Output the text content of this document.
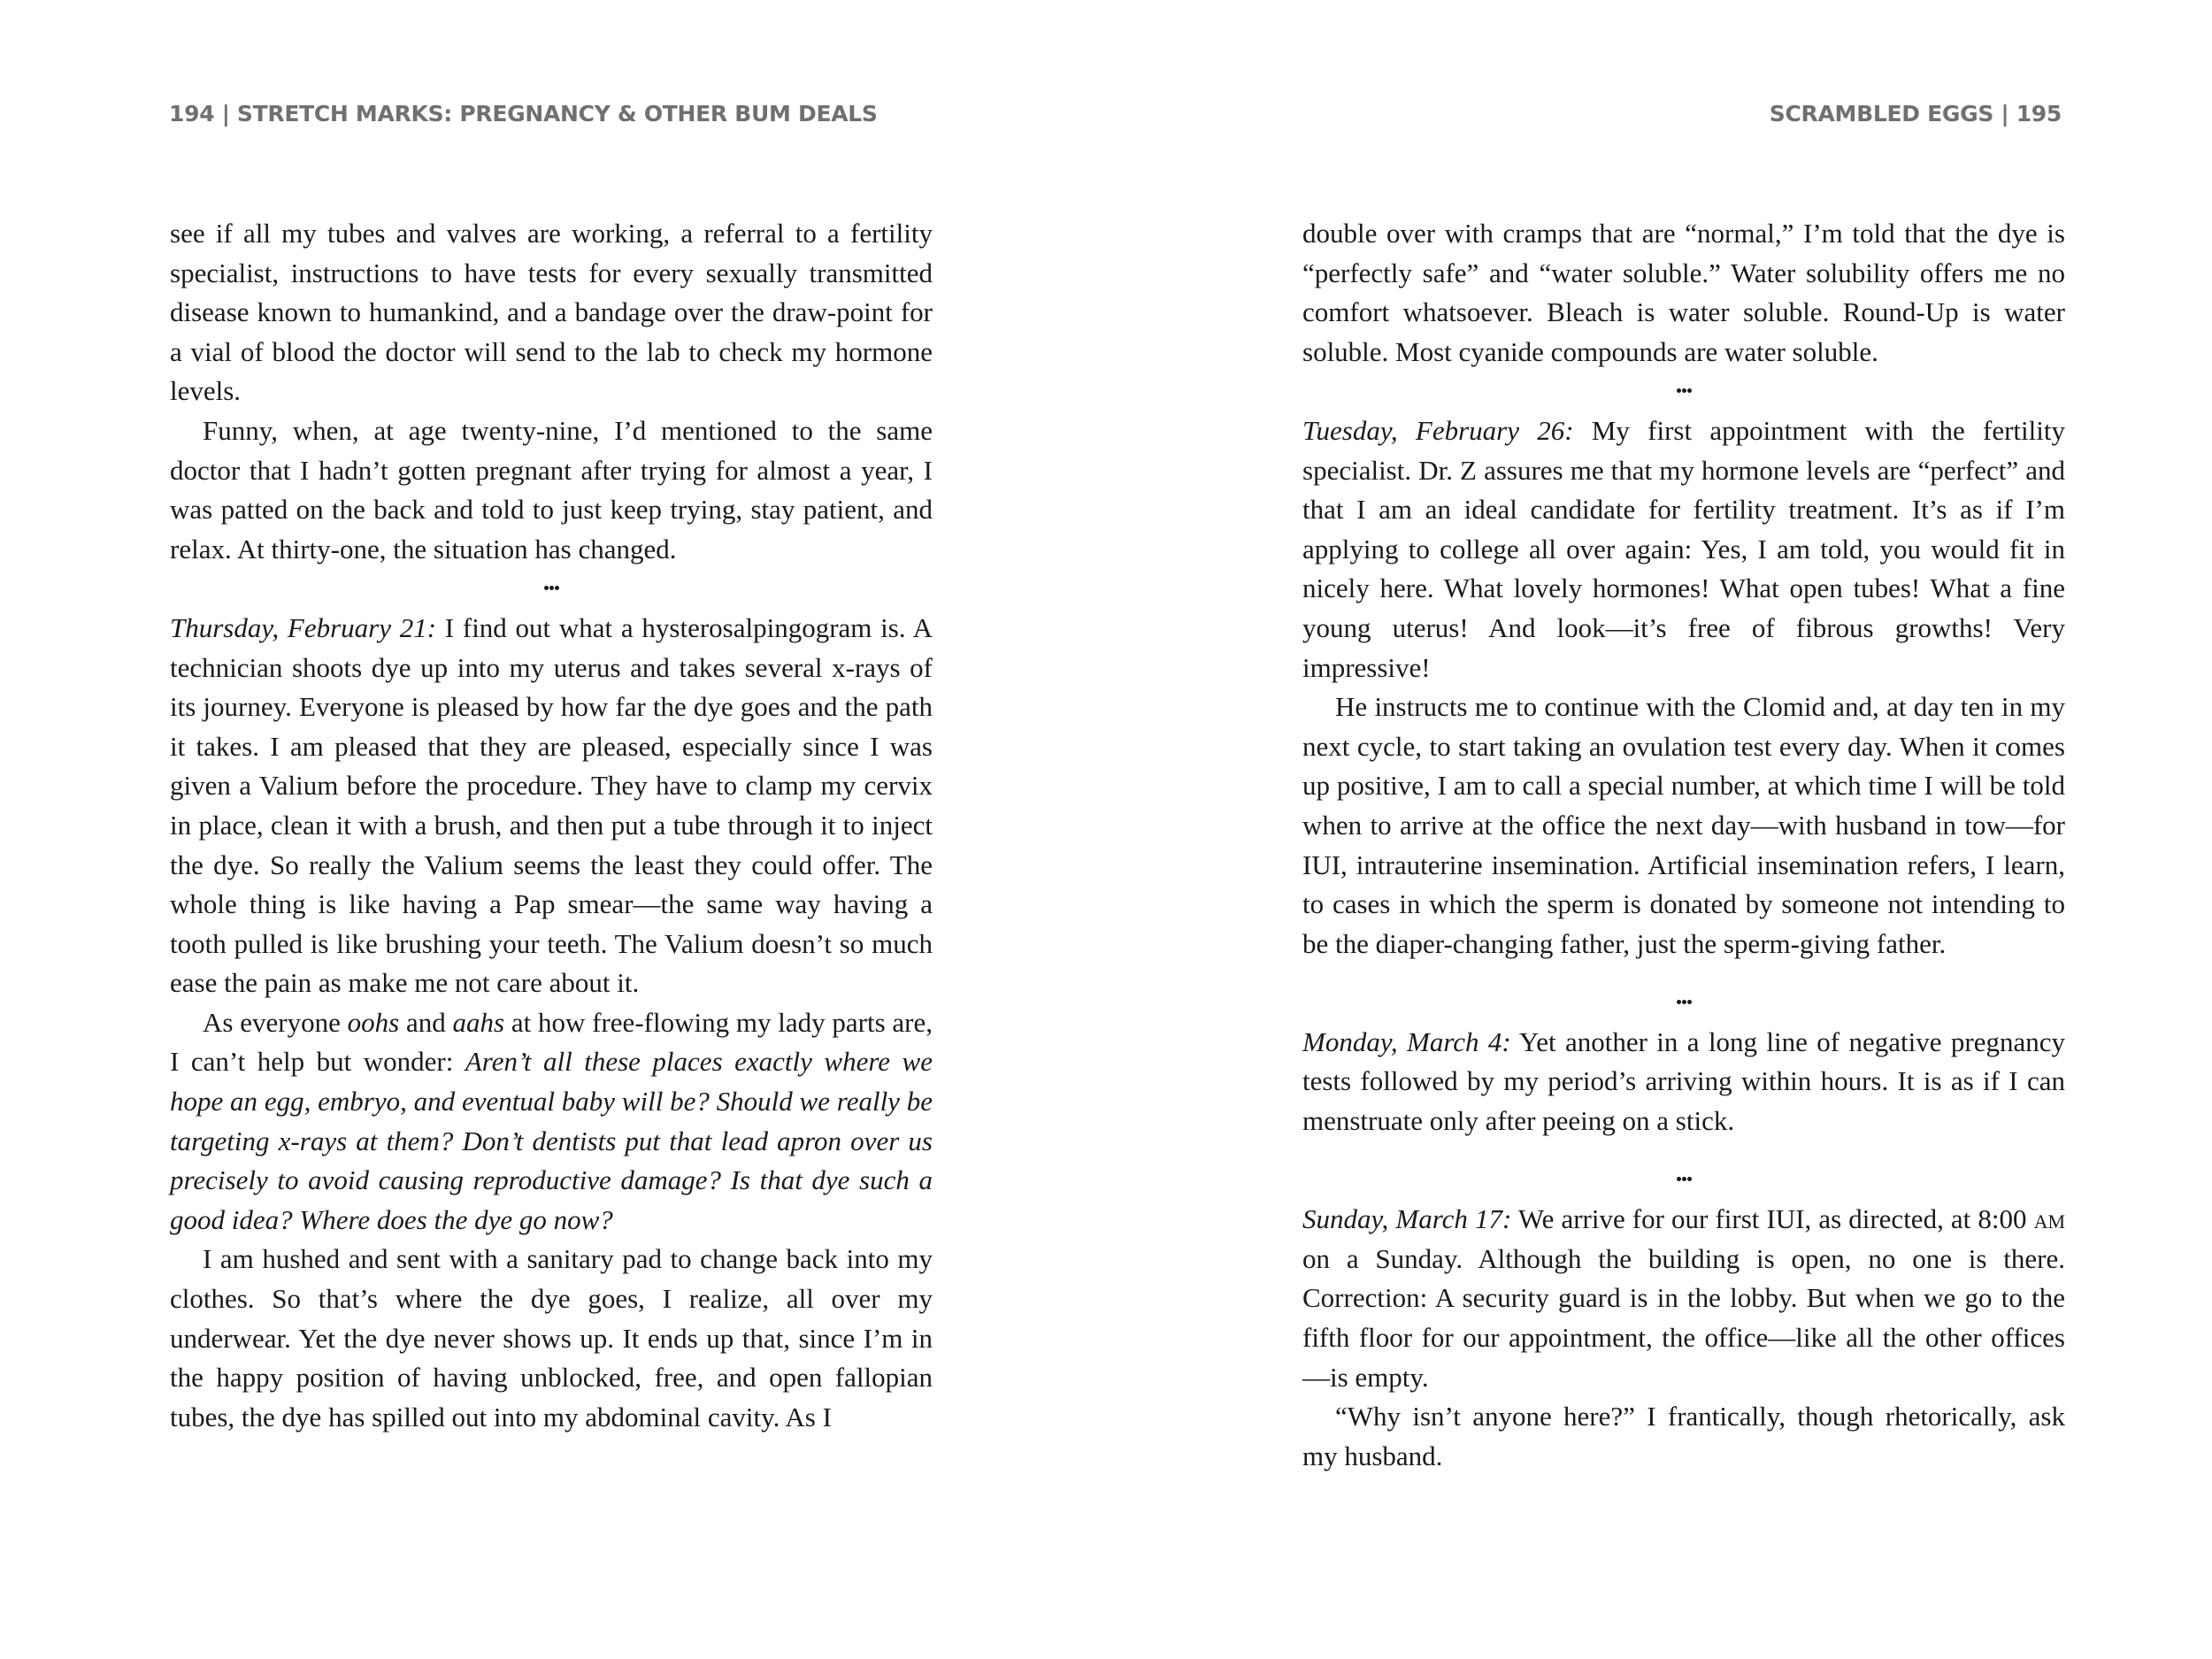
194 | STRETCH MARKS: PREGNANCY & OTHER BUM DEALS	SCRAMBLED EGGS | 195

see if all my tubes and valves are working, a referral to a fertility specialist, instructions to have tests for every sexually transmitted disease known to humankind, and a bandage over the draw-point for a vial of blood the doctor will send to the lab to check my hormone levels.

Funny, when, at age twenty-nine, I’d mentioned to the same doctor that I hadn’t gotten pregnant after trying for almost a year, I was patted on the back and told to just keep trying, stay patient, and relax. At thirty-one, the situation has changed.

Thursday, February 21: I find out what a hysterosalpingogram is. A technician shoots dye up into my uterus and takes several x-rays of its journey. Everyone is pleased by how far the dye goes and the path it takes. I am pleased that they are pleased, especially since I was given a Valium before the procedure. They have to clamp my cervix in place, clean it with a brush, and then put a tube through it to inject the dye. So really the Valium seems the least they could offer. The whole thing is like having a Pap smear—the same way having a tooth pulled is like brushing your teeth. The Valium doesn’t so much ease the pain as make me not care about it.

As everyone oohs and aahs at how free-flowing my lady parts are, I can’t help but wonder: Aren’t all these places exactly where we hope an egg, embryo, and eventual baby will be? Should we really be targeting x-rays at them? Don’t dentists put that lead apron over us precisely to avoid causing reproductive damage? Is that dye such a good idea? Where does the dye go now?

I am hushed and sent with a sanitary pad to change back into my clothes. So that’s where the dye goes, I realize, all over my underwear. Yet the dye never shows up. It ends up that, since I’m in the happy position of having unblocked, free, and open fallopian tubes, the dye has spilled out into my abdominal cavity. As I

double over with cramps that are “normal,” I’m told that the dye is “perfectly safe” and “water soluble.” Water solubility offers me no comfort whatsoever. Bleach is water soluble. Round-Up is water soluble. Most cyanide compounds are water soluble.

Tuesday, February 26: My first appointment with the fertility specialist. Dr. Z assures me that my hormone levels are “perfect” and that I am an ideal candidate for fertility treatment. It’s as if I’m applying to college all over again: Yes, I am told, you would fit in nicely here. What lovely hormones! What open tubes! What a fine young uterus! And look—it’s free of fibrous growths! Very impressive!

He instructs me to continue with the Clomid and, at day ten in my next cycle, to start taking an ovulation test every day. When it comes up positive, I am to call a special number, at which time I will be told when to arrive at the office the next day—with husband in tow—for IUI, intrauterine insemination. Artificial insemination refers, I learn, to cases in which the sperm is donated by someone not intending to be the diaper-changing father, just the sperm-giving father.

Monday, March 4: Yet another in a long line of negative pregnancy tests followed by my period’s arriving within hours. It is as if I can menstruate only after peeing on a stick.

Sunday, March 17: We arrive for our first IUI, as directed, at 8:00 am on a Sunday. Although the building is open, no one is there. Correction: A security guard is in the lobby. But when we go to the fifth floor for our appointment, the office—like all the other offices—is empty.

“Why isn’t anyone here?” I frantically, though rhetorically, ask my husband.
